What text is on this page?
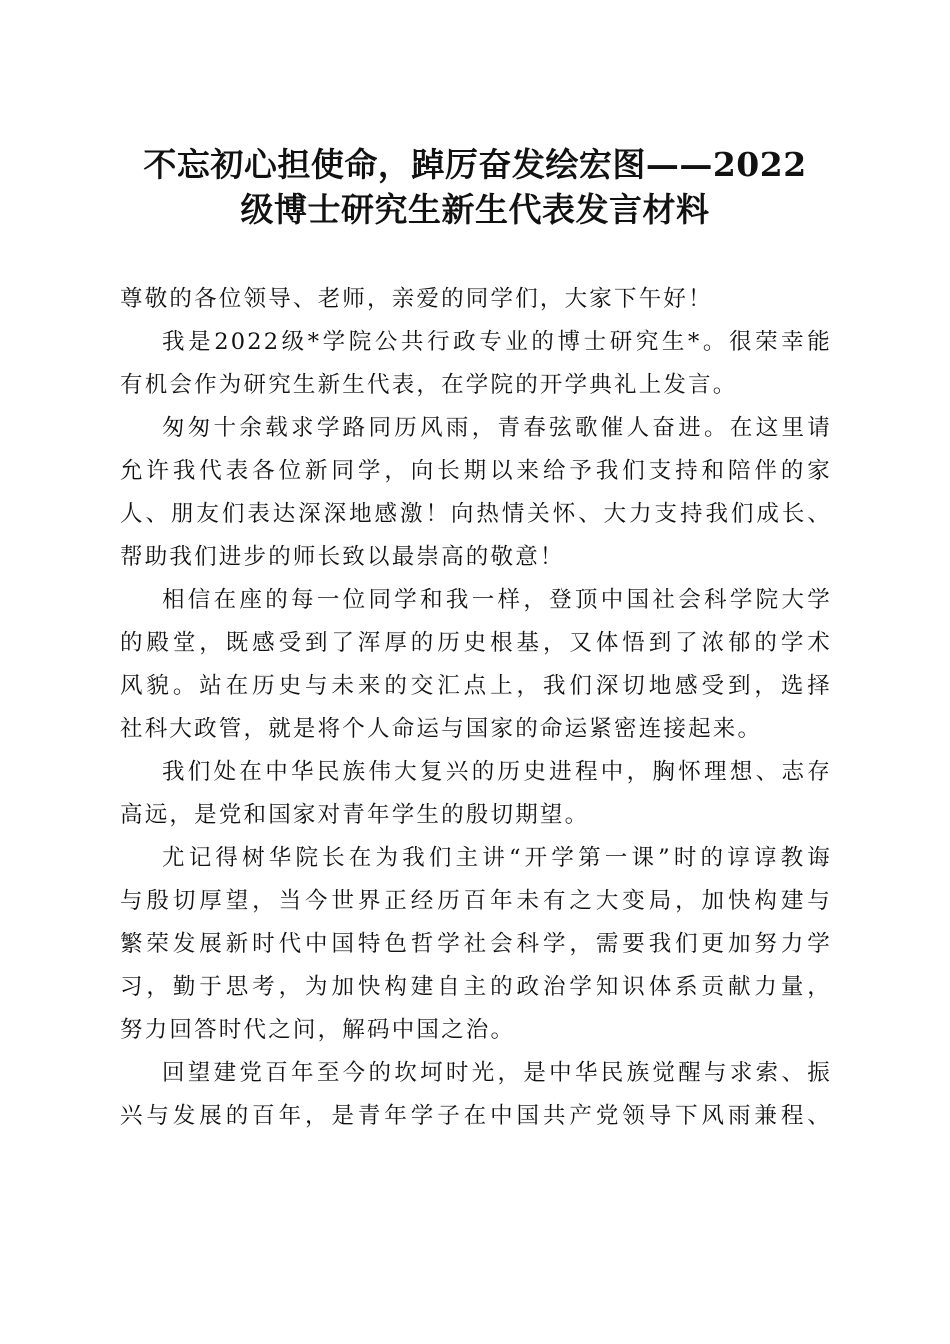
不忘初心担使命，踔厉奋发绘宏图——2022
级博士研究生新生代表发言材料
尊敬的各位领导、老师，亲爱的同学们，大家下午好！
我是2022级*学院公共行政专业的博士研究生*。很荣幸能
有机会作为研究生新生代表，在学院的开学典礼上发言。
匆匆十余载求学路同历风雨，青春弦歌催人奋进。在这里请
允许我代表各位新同学，向长期以来给予我们支持和陪伴的家
人、朋友们表达深深地感激！向热情关怀、大力支持我们成长、
帮助我们进步的师长致以最崇高的敬意！
相信在座的每一位同学和我一样，登顶中国社会科学院大学
的殿堂，既感受到了浑厚的历史根基，又体悟到了浓郁的学术
风貌。站在历史与未来的交汇点上，我们深切地感受到，选择
社科大政管，就是将个人命运与国家的命运紧密连接起来。
我们处在中华民族伟大复兴的历史进程中，胸怀理想、志存
高远，是党和国家对青年学生的殷切期望。
尤记得树华院长在为我们主讲“开学第一课”时的谆谆教诲
与殷切厚望，当今世界正经历百年未有之大变局，加快构建与
繁荣发展新时代中国特色哲学社会科学，需要我们更加努力学
习，勤于思考，为加快构建自主的政治学知识体系贡献力量，
努力回答时代之问，解码中国之治。
回望建党百年至今的坎坷时光，是中华民族觉醒与求索、振
兴与发展的百年，是青年学子在中国共产党领导下风雨兼程、
